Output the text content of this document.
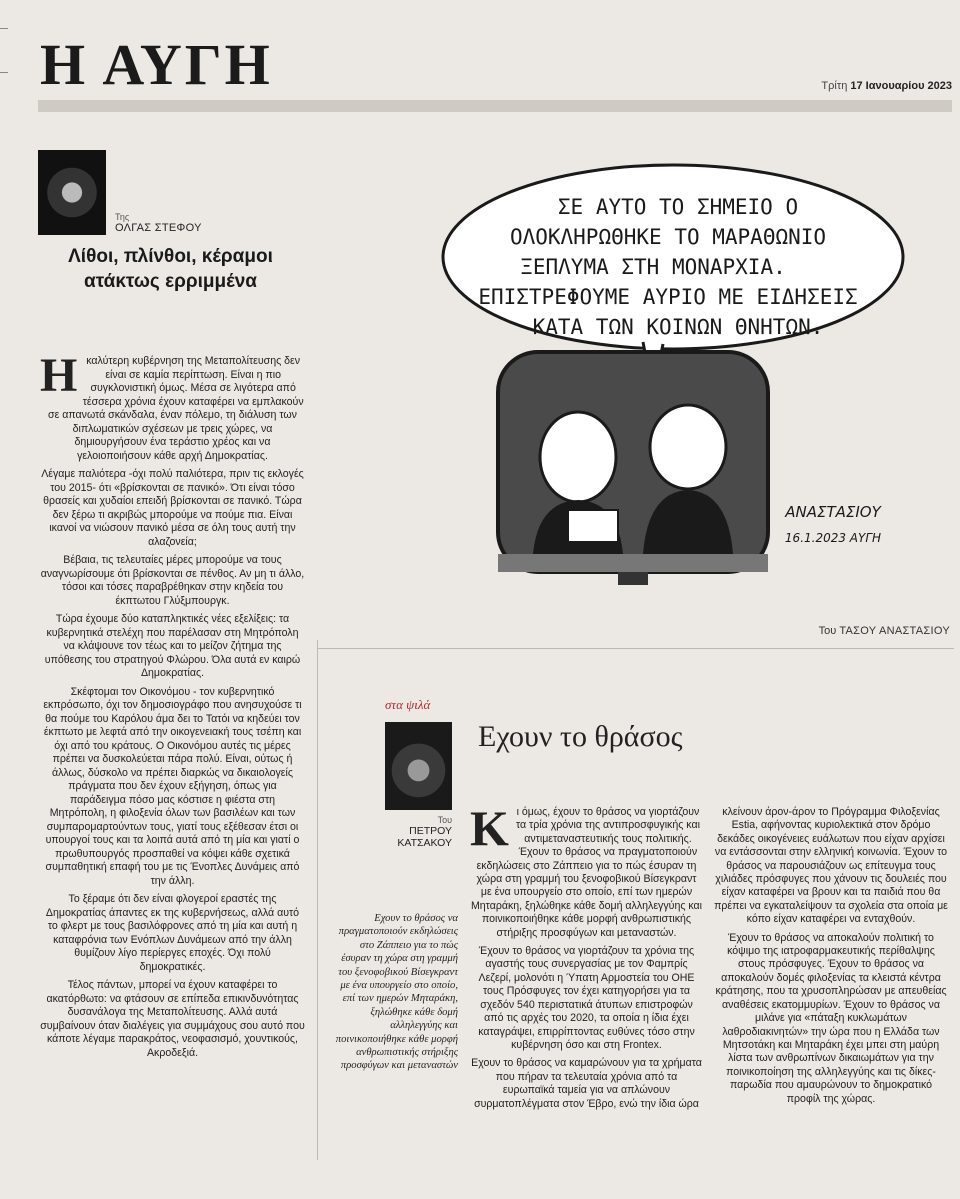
Η ΑΥΓΗ	Τρίτη 17 Ιανουαρίου 2023
Της
ΟΛΓΑΣ ΣΤΕΦΟΥ
Λίθοι, πλίνθοι, κέραμοι ατάκτως ερριμμένα

Ηκαλύτερη κυβέρνηση της Μεταπολίτευσης δεν είναι σε καμία περίπτωση. Είναι η πιο συγκλονιστική όμως. Μέσα σε λιγότερα από τέσσερα χρόνια έχουν καταφέρει να εμπλακούν σε απανωτά σκάνδαλα, έναν πόλεμο, τη διάλυση των διπλωματικών σχέσεων με τρεις χώρες, να δημιουργήσουν ένα τεράστιο χρέος και να γελοιοποιήσουν κάθε αρχή Δημοκρατίας.

Λέγαμε παλιότερα -όχι πολύ παλιότερα, πριν τις εκλογές του 2015- ότι «βρίσκονται σε πανικό». Ότι είναι τόσο θρασείς και χυδαίοι επειδή βρίσκονται σε πανικό. Τώρα δεν ξέρω τι ακριβώς μπορούμε να πούμε πια. Είναι ικανοί να νιώσουν πανικό μέσα σε όλη τους αυτή την αλαζονεία;

Βέβαια, τις τελευταίες μέρες μπορούμε να τους αναγνωρίσουμε ότι βρίσκονται σε πένθος. Αν μη τι άλλο, τόσοι και τόσες παραβρέθηκαν στην κηδεία του έκπτωτου Γλύξμπουργκ.

Τώρα έχουμε δύο καταπληκτικές νέες εξελίξεις: τα κυβερνητικά στελέχη που παρέλασαν στη Μητρόπολη να κλάψουνε τον τέως και το μείζον ζήτημα της υπόθεσης του στρατηγού Φλώρου. Όλα αυτά εν καιρώ Δημοκρατίας.

Σκέφτομαι τον Οικονόμου - τον κυβερνητικό εκπρόσωπο, όχι τον δημοσιογράφο που ανησυχούσε τι θα πούμε του Καρόλου άμα δει το Τατόι να κηδεύει τον έκπτωτο με λεφτά από την οικογενειακή τους τσέπη και όχι από του κράτους. Ο Οικονόμου αυτές τις μέρες πρέπει να δυσκολεύεται πάρα πολύ. Είναι, ούτως ή άλλως, δύσκολο να πρέπει διαρκώς να δικαιολογείς πράγματα που δεν έχουν εξήγηση, όπως για παράδειγμα πόσο μας κόστισε η φιέστα στη Μητρόπολη, η φιλοξενία όλων των βασιλέων και των συμπαρομαρτούντων τους, γιατί τους εξέθεσαν έτσι οι υπουργοί τους και τα λοιπά αυτά από τη μία και γιατί ο πρωθυπουργός προσπαθεί να κόψει κάθε σχετικά συμπαθητική επαφή του με τις Ένοπλες Δυνάμεις από την άλλη.

Το ξέραμε ότι δεν είναι φλογεροί εραστές της Δημοκρατίας άπαντες εκ της κυβερνήσεως, αλλά αυτό το φλερτ με τους βασιλόφρονες από τη μία και αυτή η καταφρόνια των Ενόπλων Δυνάμεων από την άλλη θυμίζουν λίγο περίεργες εποχές. Όχι πολύ δημοκρατικές.

Τέλος πάντων, μπορεί να έχουν καταφέρει το ακατόρθωτο: να φτάσουν σε επίπεδα επικινδυνότητας δυσανάλογα της Μεταπολίτευσης. Αλλά αυτά συμβαίνουν όταν διαλέγεις για συμμάχους σου αυτό που κάποτε λέγαμε παρακράτος, νεοφασισμό, χουντικούς, Ακροδεξιά.

ΣΕ ΑΥΤΟ ΤΟ ΣΗΜΕΙΟ Ο
ΟΛΟΚΛΗΡΩΘΗΚΕ ΤΟ ΜΑΡΑΘΩΝΙΟ
ΞΕΠΛΥΜΑ ΣΤΗ ΜΟΝΑΡΧΙΑ.
ΕΠΙΣΤΡΕΦΟΥΜΕ ΑΥΡΙΟ ΜΕ ΕΙΔΗΣΕΙΣ
ΚΑΤΑ ΤΩΝ ΚΟΙΝΩΝ ΘΝΗΤΩΝ.
ΑΝΑΣΤΑΣΙΟΥ
16.1.2023 ΑΥΓΗ
Του ΤΑΣΟΥ ΑΝΑΣΤΑΣΙΟΥ
στα ψιλά
Του
ΠΕΤΡΟΥ ΚΑΤΣΑΚΟΥ
Εχουν το θράσος
Εχουν το θράσος να πραγματοποιούν εκδηλώσεις στο Ζάππειο για το πώς έσυραν τη χώρα στη γραμμή του ξενοφοβικού Βίσεγκραντ με ένα υπουργείο στο οποίο, επί των ημερών Μηταράκη, ξηλώθηκε κάθε δομή αλληλεγγύης και ποινικοποιήθηκε κάθε μορφή ανθρωπιστικής στήριξης προσφύγων και μεταναστών

Κι όμως, έχουν το θράσος να γιορτάζουν τα τρία χρόνια της αντιπροσφυγικής και αντιμεταναστευτικής τους πολιτικής. Έχουν το θράσος να πραγματοποιούν εκδηλώσεις στο Ζάππειο για το πώς έσυραν τη χώρα στη γραμμή του ξενοφοβικού Βίσεγκραντ με ένα υπουργείο στο οποίο, επί των ημερών Μηταράκη, ξηλώθηκε κάθε δομή αλληλεγγύης και ποινικοποιήθηκε κάθε μορφή ανθρωπιστικής στήριξης προσφύγων και μεταναστών.

Έχουν το θράσος να γιορτάζουν τα χρόνια της αγαστής τους συνεργασίας με τον Φαμπρίς Λεζερί, μολονότι η Ύπατη Αρμοστεία του ΟΗΕ τους Πρόσφυγες τον έχει κατηγορήσει για τα σχεδόν 540 περιστατικά άτυπων επιστροφών από τις αρχές του 2020, τα οποία η ίδια έχει καταγράψει, επιρρίπτοντας ευθύνες τόσο στην κυβέρνηση όσο και στη Frontex.

Εχουν το θράσος να καμαρώνουν για τα χρήματα που πήραν τα τελευταία χρόνια από τα ευρωπαϊκά ταμεία για να απλώνουν συρματοπλέγματα στον Έβρο, ενώ την ίδια ώρα

κλείνουν άρον-άρον το Πρόγραμμα Φιλοξενίας Estia, αφήνοντας κυριολεκτικά στον δρόμο δεκάδες οικογένειες ευάλωτων που είχαν αρχίσει να εντάσσονται στην ελληνική κοινωνία. Έχουν το θράσος να παρουσιάζουν ως επίτευγμα τους χιλιάδες πρόσφυγες που χάνουν τις δουλειές που είχαν καταφέρει να βρουν και τα παιδιά που θα πρέπει να εγκαταλείψουν τα σχολεία στα οποία με κόπο είχαν καταφέρει να ενταχθούν.

Έχουν το θράσος να αποκαλούν πολιτική το κόψιμο της ιατροφαρμακευτικής περίθαλψης στους πρόσφυγες. Έχουν το θράσος να αποκαλούν δομές φιλοξενίας τα κλειστά κέντρα κράτησης, που τα χρυσοπληρώσαν με απευθείας αναθέσεις εκατομμυρίων. Έχουν το θράσος να μιλάνε για «πάταξη κυκλωμάτων λαθροδιακινητών» την ώρα που η Ελλάδα των Μητσοτάκη και Μηταράκη έχει μπει στη μαύρη λίστα των ανθρωπίνων δικαιωμάτων για την ποινικοποίηση της αλληλεγγύης και τις δίκες-παρωδία που αμαυρώνουν το δημοκρατικό προφίλ της χώρας.
